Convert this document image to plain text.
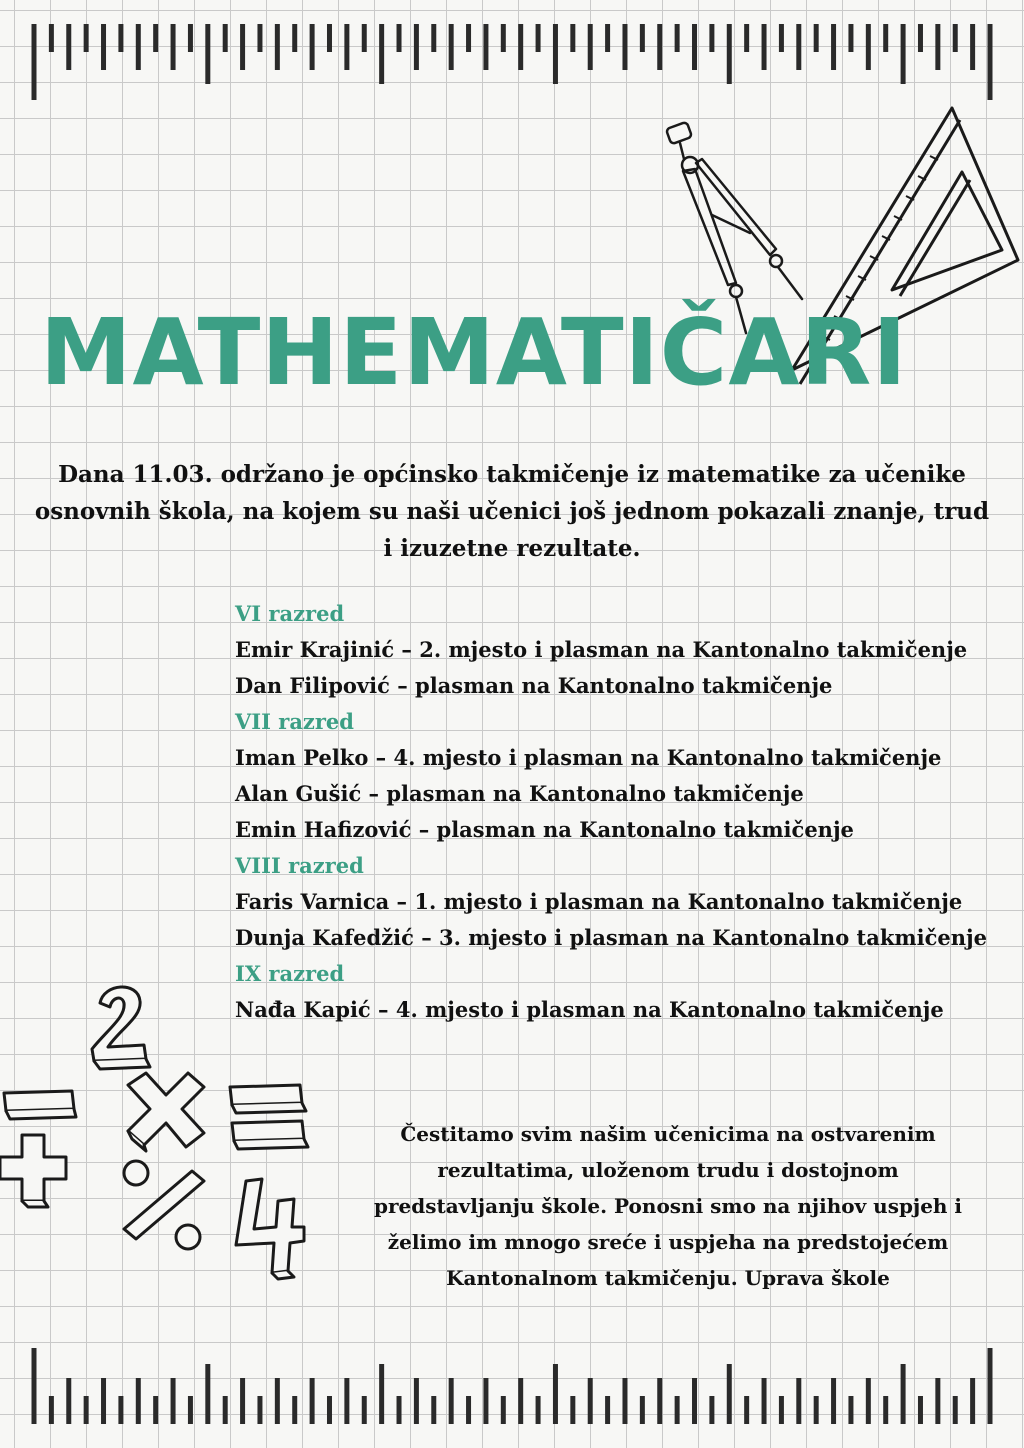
MATHEMATIČARI

Dana 11.03. održano je općinsko takmičenje iz matematike za učenike osnovnih škola, na kojem su naši učenici još jednom pokazali znanje, trud i izuzetne rezultate.

VI razred
Emir Krajinić – 2. mjesto i plasman na Kantonalno takmičenje
Dan Filipović – plasman na Kantonalno takmičenje
VII razred
Iman Pelko – 4. mjesto i plasman na Kantonalno takmičenje
Alan Gušić – plasman na Kantonalno takmičenje
Emin Hafizović – plasman na Kantonalno takmičenje
VIII razred
Faris Varnica – 1. mjesto i plasman na Kantonalno takmičenje
Dunja Kafedžić – 3. mjesto i plasman na Kantonalno takmičenje
IX razred
Nađa Kapić – 4. mjesto i plasman na Kantonalno takmičenje

Čestitamo svim našim učenicima na ostvarenim rezultatima, uloženom trudu i dostojnom predstavljanju škole. Ponosni smo na njihov uspjeh i želimo im mnogo sreće i uspjeha na predstojećem Kantonalnom takmičenju. Uprava škole
